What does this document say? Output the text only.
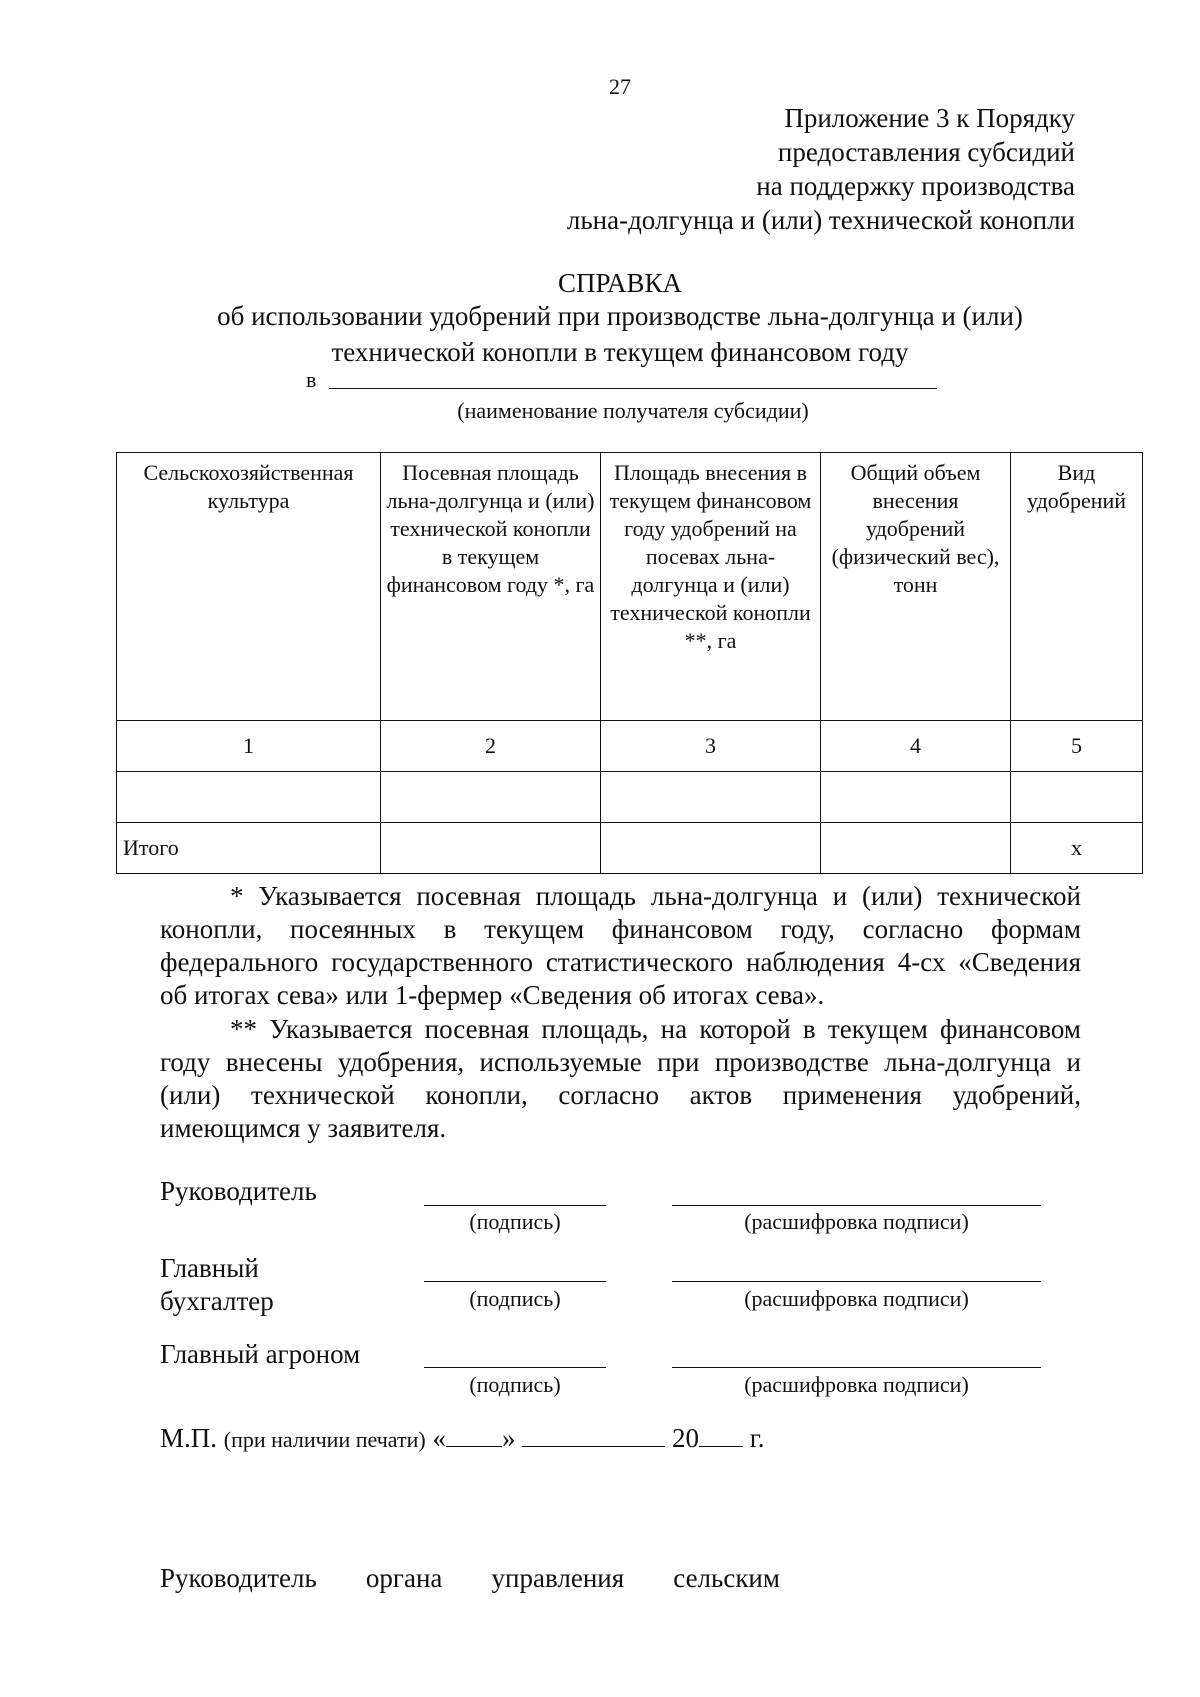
27
Приложение 3 к Порядку
предоставления субсидий
на поддержку производства
льна-долгунца и (или) технической конопли
СПРАВКА
об использовании удобрений при производстве льна-долгунца и (или) технической конопли в текущем финансовом году
в
(наименование получателя субсидии)
Сельскохозяйственная культура	Посевная площадь льна-долгунца и (или) технической конопли в текущем финансовом году *, га	Площадь внесения в текущем финансовом году удобрений на посевах льна-долгунца и (или) технической конопли **, га	Общий объем внесения удобрений (физический вес), тонн	Вид удобрений
1	2	3	4	5

Итого				х

* Указывается посевная площадь льна-долгунца и (или) технической конопли, посеянных в текущем финансовом году, согласно формам федерального государственного статистического наблюдения 4-сх «Сведения об итогах сева» или 1-фермер «Сведения об итогах сева».

** Указывается посевная площадь, на которой в текущем финансовом году внесены удобрения, используемые при производстве льна-долгунца и (или) технической конопли, согласно актов применения удобрений, имеющимся у заявителя.

Руководитель
(подпись)	(расшифровка подписи)
Главный
бухгалтер	(подпись)	(расшифровка подписи)
Главный агроном
(подпись)	(расшифровка подписи)
М.П. (при наличии печати) « »	20 г.
Руководитель органа управления сельским
